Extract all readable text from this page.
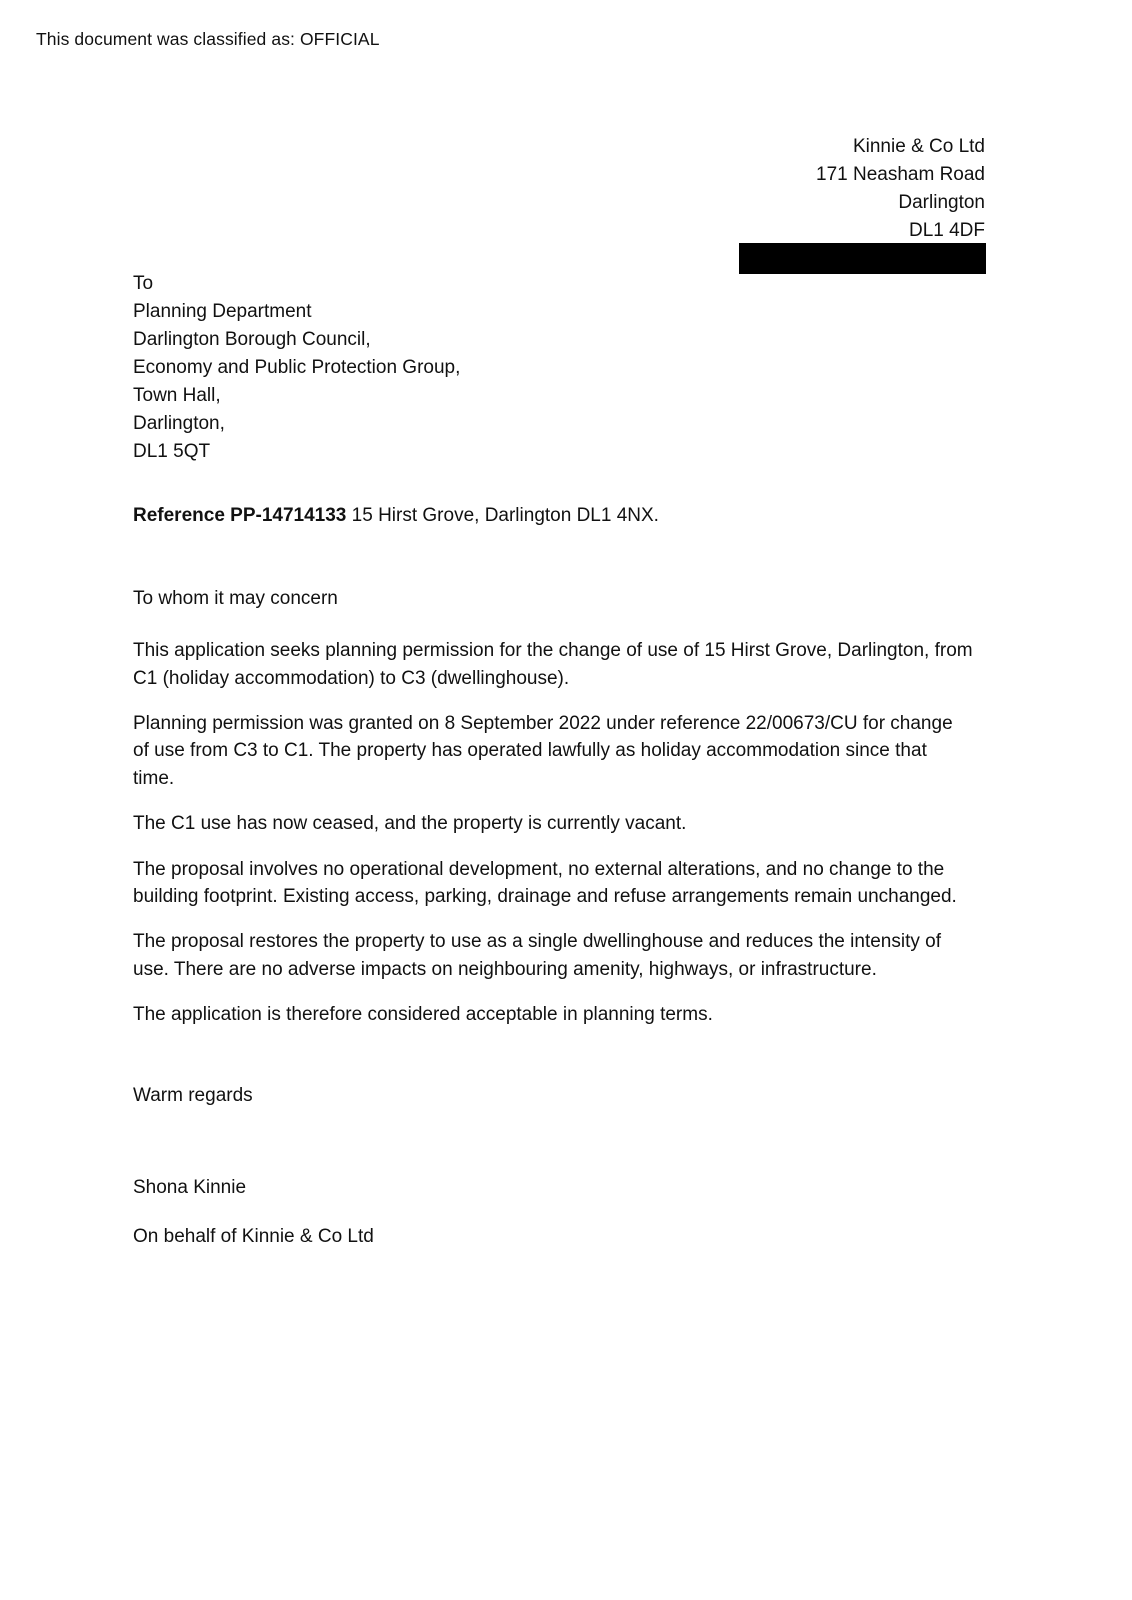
This document was classified as: OFFICIAL
Kinnie & Co Ltd
171 Neasham Road
Darlington
DL1 4DF
To
Planning Department
Darlington Borough Council,
Economy and Public Protection Group,
Town Hall,
Darlington,
DL1 5QT
Reference PP-14714133 15 Hirst Grove, Darlington DL1 4NX.

To whom it may concern

This application seeks planning permission for the change of use of 15 Hirst Grove, Darlington, from C1 (holiday accommodation) to C3 (dwellinghouse).

Planning permission was granted on 8 September 2022 under reference 22/00673/CU for change of use from C3 to C1. The property has operated lawfully as holiday accommodation since that time.

The C1 use has now ceased, and the property is currently vacant.

The proposal involves no operational development, no external alterations, and no change to the building footprint. Existing access, parking, drainage and refuse arrangements remain unchanged.

The proposal restores the property to use as a single dwellinghouse and reduces the intensity of use. There are no adverse impacts on neighbouring amenity, highways, or infrastructure.

The application is therefore considered acceptable in planning terms.

Warm regards

Shona Kinnie

On behalf of Kinnie & Co Ltd
